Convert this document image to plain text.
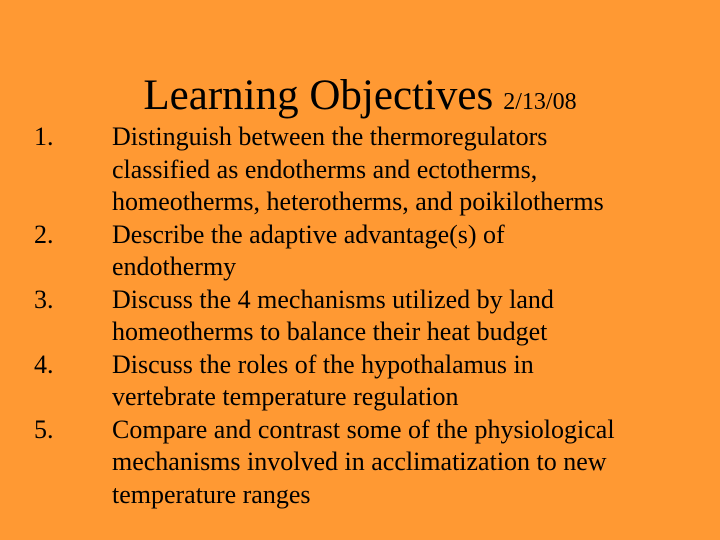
Learning Objectives 2/13/08
1. Distinguish between the thermoregulators
classified as endotherms and ectotherms,
homeotherms, heterotherms, and poikilotherms
2. Describe the adaptive advantage(s) of
endothermy
3. Discuss the 4 mechanisms utilized by land
homeotherms to balance their heat budget
4. Discuss the roles of the hypothalamus in
vertebrate temperature regulation
5. Compare and contrast some of the physiological
mechanisms involved in acclimatization to new
temperature ranges
